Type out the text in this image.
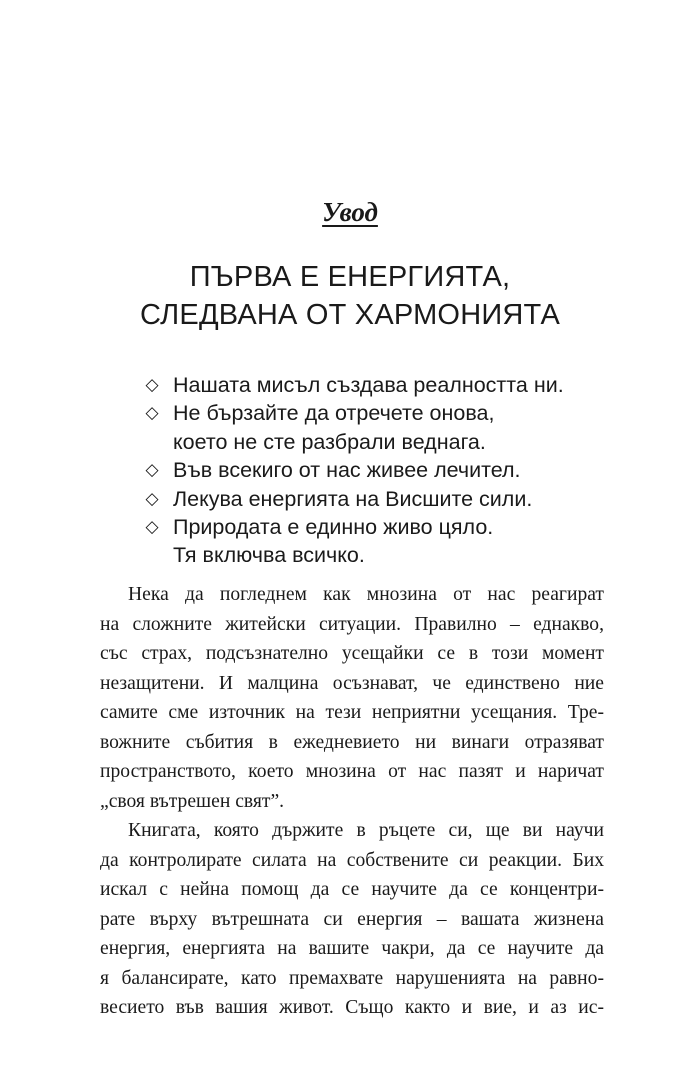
Увод
ПЪРВА Е ЕНЕРГИЯТА,
СЛЕДВАНА ОТ ХАРМОНИЯТА
◇ Нашата мисъл създава реалността ни.
◇ Не бързайте да отречете онова,
което не сте разбрали веднага.
◇ Във всекиго от нас живее лечител.
◇ Лекува енергията на Висшите сили.
◇ Природата е единно живо цяло.
Тя включва всичко.
Нека да погледнем как мнозина от нас реагират
на сложните житейски ситуации. Правилно – еднакво,
със страх, подсъзнателно усещайки се в този момент
незащитени. И малцина осъзнават, че единствено ние
самите сме източник на тези неприятни усещания. Тре-
вожните събития в ежедневието ни винаги отразяват
пространството, което мнозина от нас пазят и наричат
„своя вътрешен свят”.
Книгата, която държите в ръцете си, ще ви научи
да контролирате силата на собствените си реакции. Бих
искал с нейна помощ да се научите да се концентри-
рате върху вътрешната си енергия – вашата жизнена
енергия, енергията на вашите чакри, да се научите да
я балансирате, като премахвате нарушенията на равно-
весието във вашия живот. Също както и вие, и аз ис-
